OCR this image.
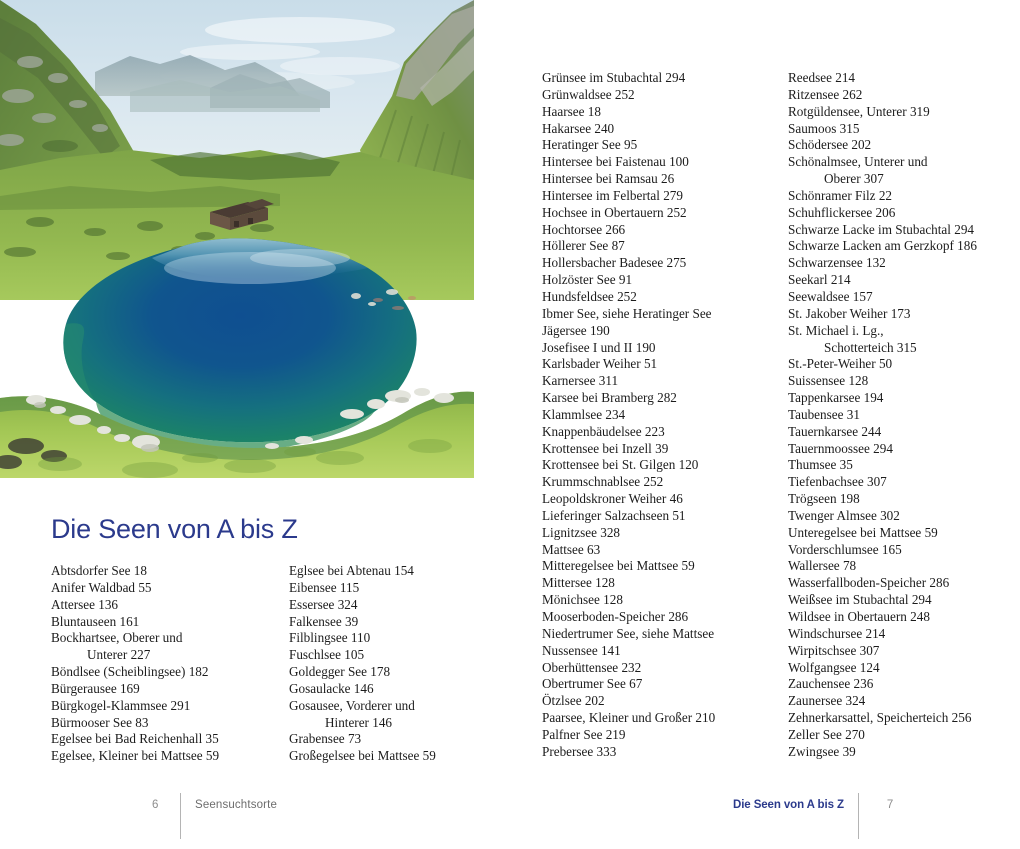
Die Seen von A bis Z
Abtsdorfer See 18
Anifer Waldbad 55
Attersee 136
Bluntauseen 161
Bockhartsee, Oberer und
Unterer 227
Böndlsee (Scheiblingsee) 182
Bürgerausee 169
Bürgkogel-Klammsee 291
Bürmooser See 83
Egelsee bei Bad Reichenhall 35
Egelsee, Kleiner bei Mattsee 59
Eglsee bei Abtenau 154
Eibensee 115
Essersee 324
Falkensee 39
Filblingsee 110
Fuschlsee 105
Goldegger See 178
Gosaulacke 146
Gosausee, Vorderer und
Hinterer 146
Grabensee 73
Großegelsee bei Mattsee 59
6	Seensuchtsorte
Grünsee im Stubachtal 294
Grünwaldsee 252
Haarsee 18
Hakarsee 240
Heratinger See 95
Hintersee bei Faistenau 100
Hintersee bei Ramsau 26
Hintersee im Felbertal 279
Hochsee in Obertauern 252
Hochtorsee 266
Höllerer See 87
Hollersbacher Badesee 275
Holzöster See 91
Hundsfeldsee 252
Ibmer See, siehe Heratinger See
Jägersee 190
Josefisee I und II 190
Karlsbader Weiher 51
Karnersee 311
Karsee bei Bramberg 282
Klammlsee 234
Knappenbäudelsee 223
Krottensee bei Inzell 39
Krottensee bei St. Gilgen 120
Krummschnablsee 252
Leopoldskroner Weiher 46
Lieferinger Salzachseen 51
Lignitzsee 328
Mattsee 63
Mitteregelsee bei Mattsee 59
Mittersee 128
Mönichsee 128
Mooserboden-Speicher 286
Niedertrumer See, siehe Mattsee
Nussensee 141
Oberhüttensee 232
Obertrumer See 67
Ötzlsee 202
Paarsee, Kleiner und Großer 210
Palfner See 219
Prebersee 333
Reedsee 214
Ritzensee 262
Rotgüldensee, Unterer 319
Saumoos 315
Schödersee 202
Schönalmsee, Unterer und
Oberer 307
Schönramer Filz 22
Schuhflickersee 206
Schwarze Lacke im Stubachtal 294
Schwarze Lacken am Gerzkopf 186
Schwarzensee 132
Seekarl 214
Seewaldsee 157
St. Jakober Weiher 173
St. Michael i. Lg.,
Schotterteich 315
St.-Peter-Weiher 50
Suissensee 128
Tappenkarsee 194
Taubensee 31
Tauernkarsee 244
Tauernmoossee 294
Thumsee 35
Tiefenbachsee 307
Trögseen 198
Twenger Almsee 302
Unteregelsee bei Mattsee 59
Vorderschlumsee 165
Wallersee 78
Wasserfallboden-Speicher 286
Weißsee im Stubachtal 294
Wildsee in Obertauern 248
Windschursee 214
Wirpitschsee 307
Wolfgangsee 124
Zauchensee 236
Zaunersee 324
Zehnerkarsattel, Speicherteich 256
Zeller See 270
Zwingsee 39
Die Seen von A bis Z	7
